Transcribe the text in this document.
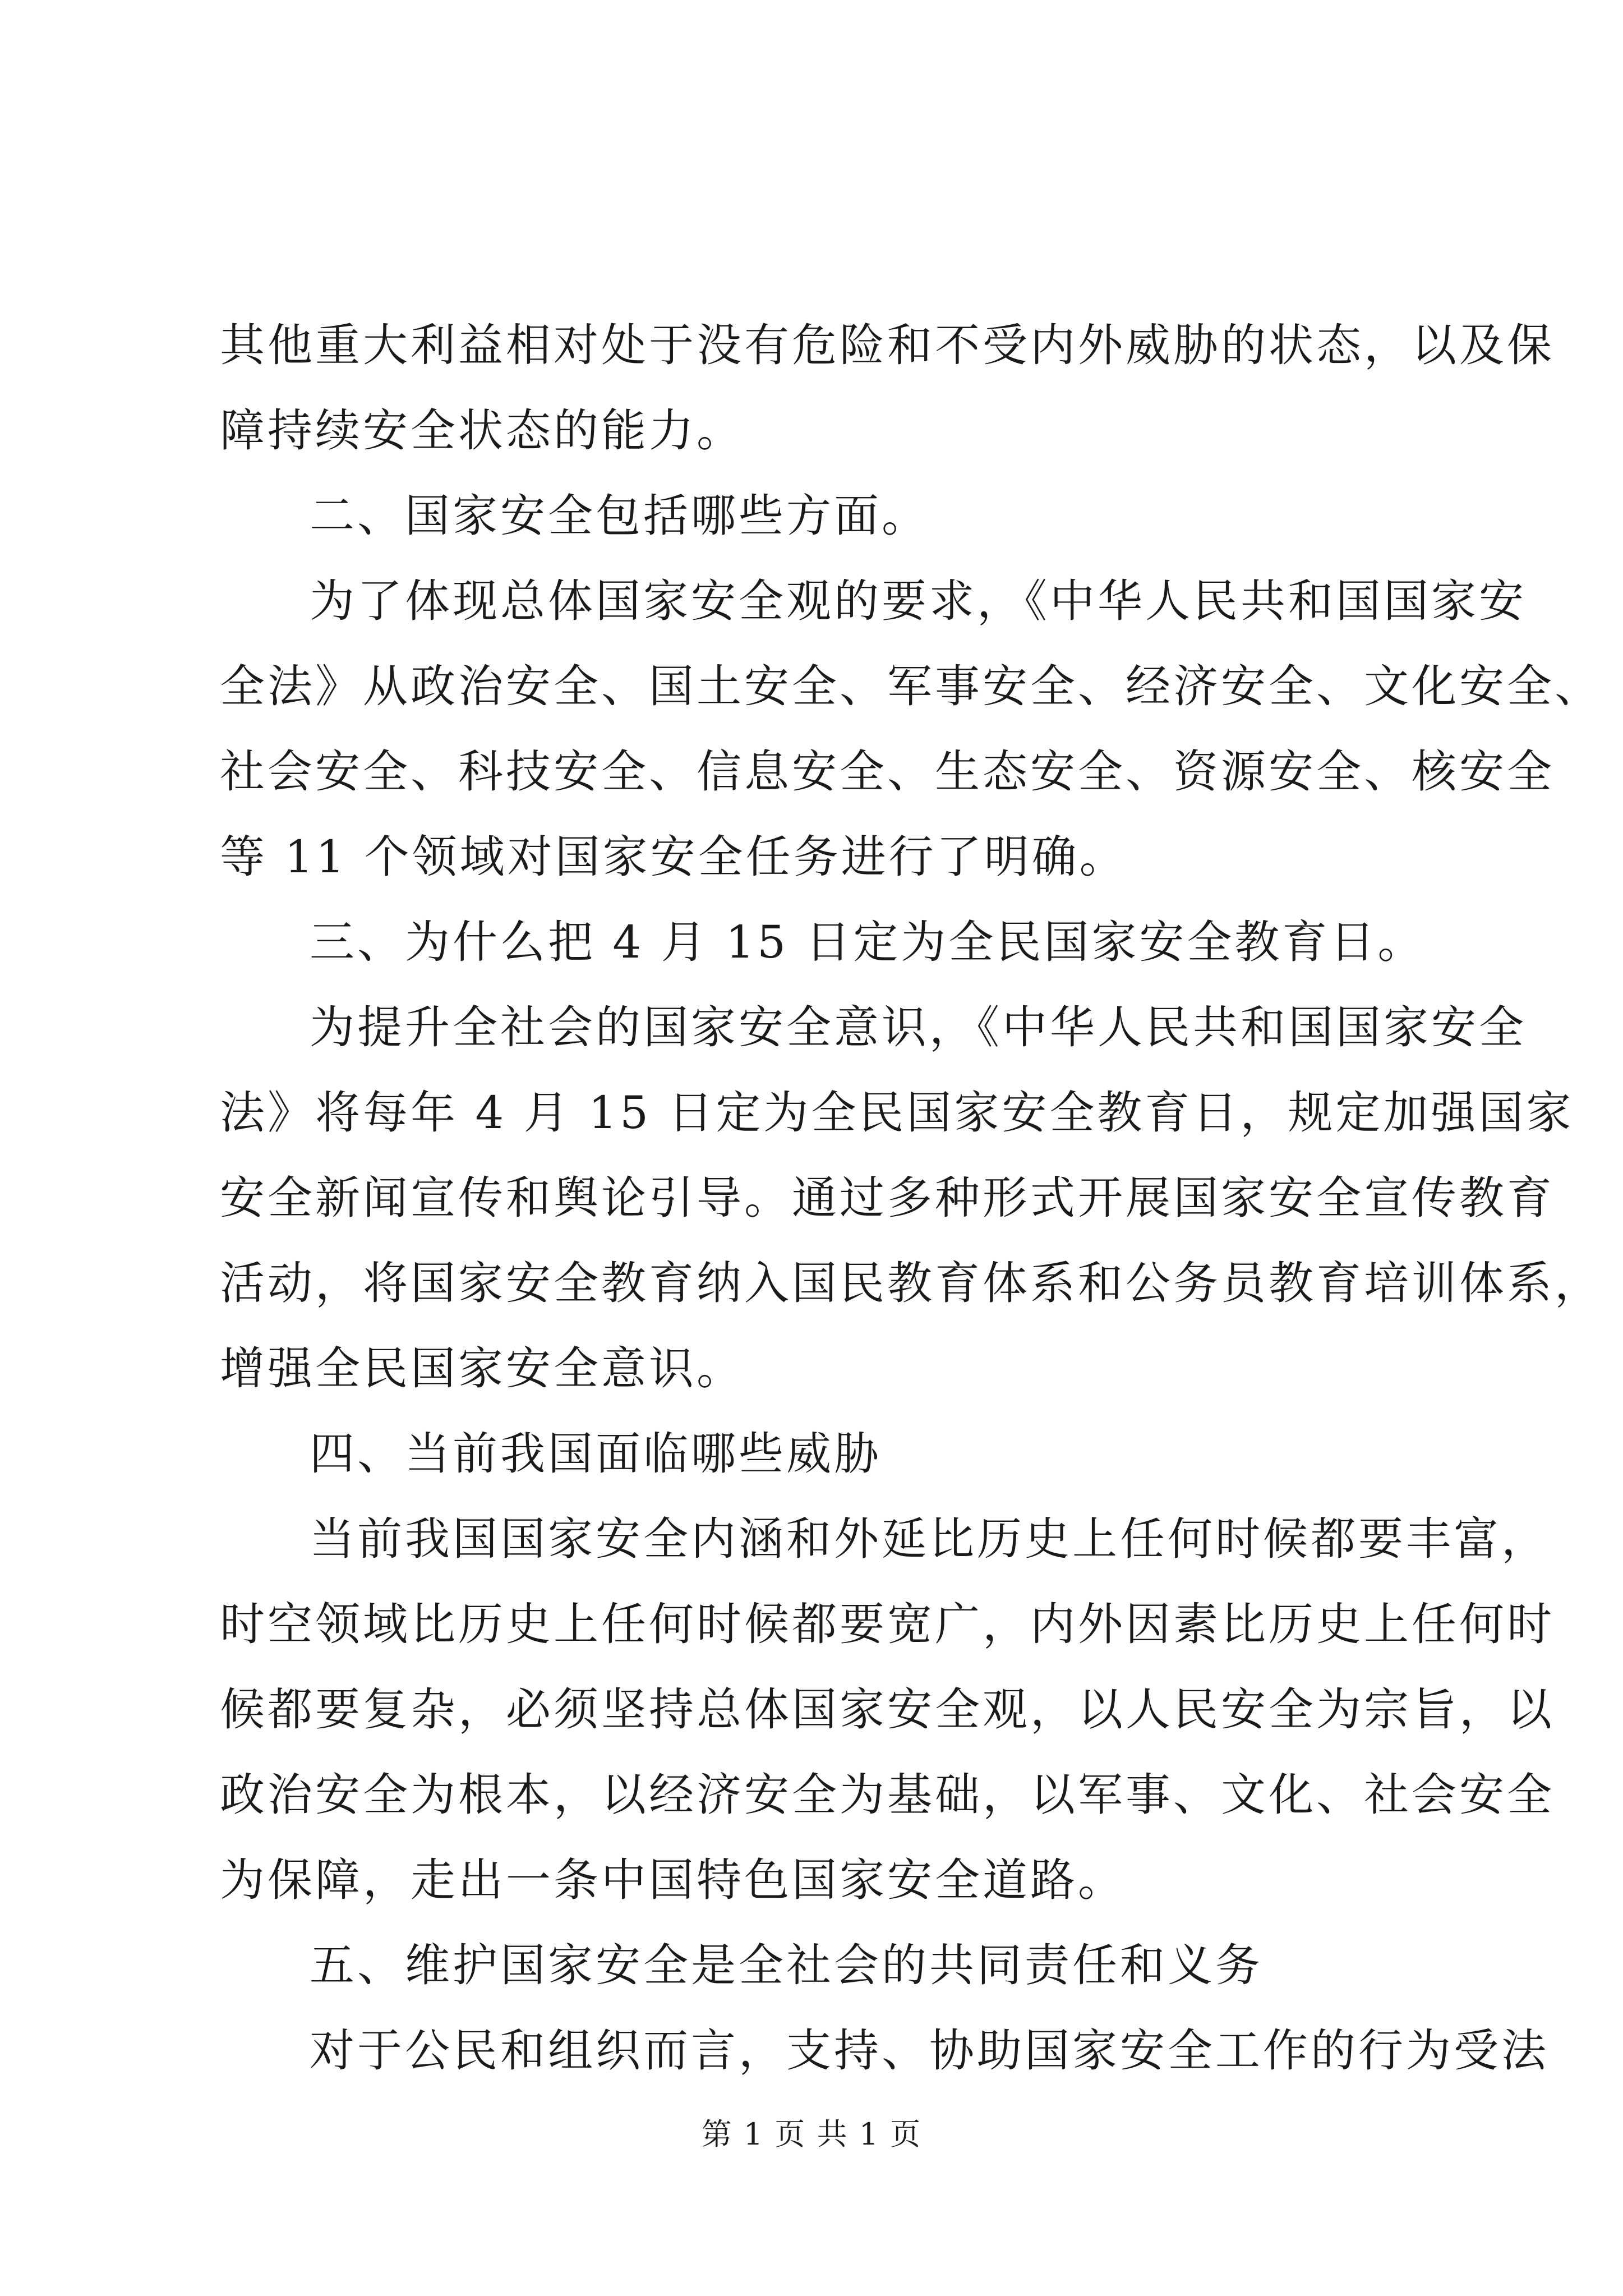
其他重大利益相对处于没有危险和不受内外威胁的状态，以及保
障持续安全状态的能力。
二、国家安全包括哪些方面。
为了体现总体国家安全观的要求，《中华人民共和国国家安
全法》从政治安全、国土安全、军事安全、经济安全、文化安全、
社会安全、科技安全、信息安全、生态安全、资源安全、核安全
等 11 个领域对国家安全任务进行了明确。
三、为什么把 4 月 15 日定为全民国家安全教育日。
为提升全社会的国家安全意识，《中华人民共和国国家安全
法》将每年 4 月 15 日定为全民国家安全教育日，规定加强国家
安全新闻宣传和舆论引导。通过多种形式开展国家安全宣传教育
活动，将国家安全教育纳入国民教育体系和公务员教育培训体系，
增强全民国家安全意识。
四、当前我国面临哪些威胁
当前我国国家安全内涵和外延比历史上任何时候都要丰富，
时空领域比历史上任何时候都要宽广，内外因素比历史上任何时
候都要复杂，必须坚持总体国家安全观，以人民安全为宗旨，以
政治安全为根本，以经济安全为基础，以军事、文化、社会安全
为保障，走出一条中国特色国家安全道路。
五、维护国家安全是全社会的共同责任和义务
对于公民和组织而言，支持、协助国家安全工作的行为受法
第 1 页 共 1 页
